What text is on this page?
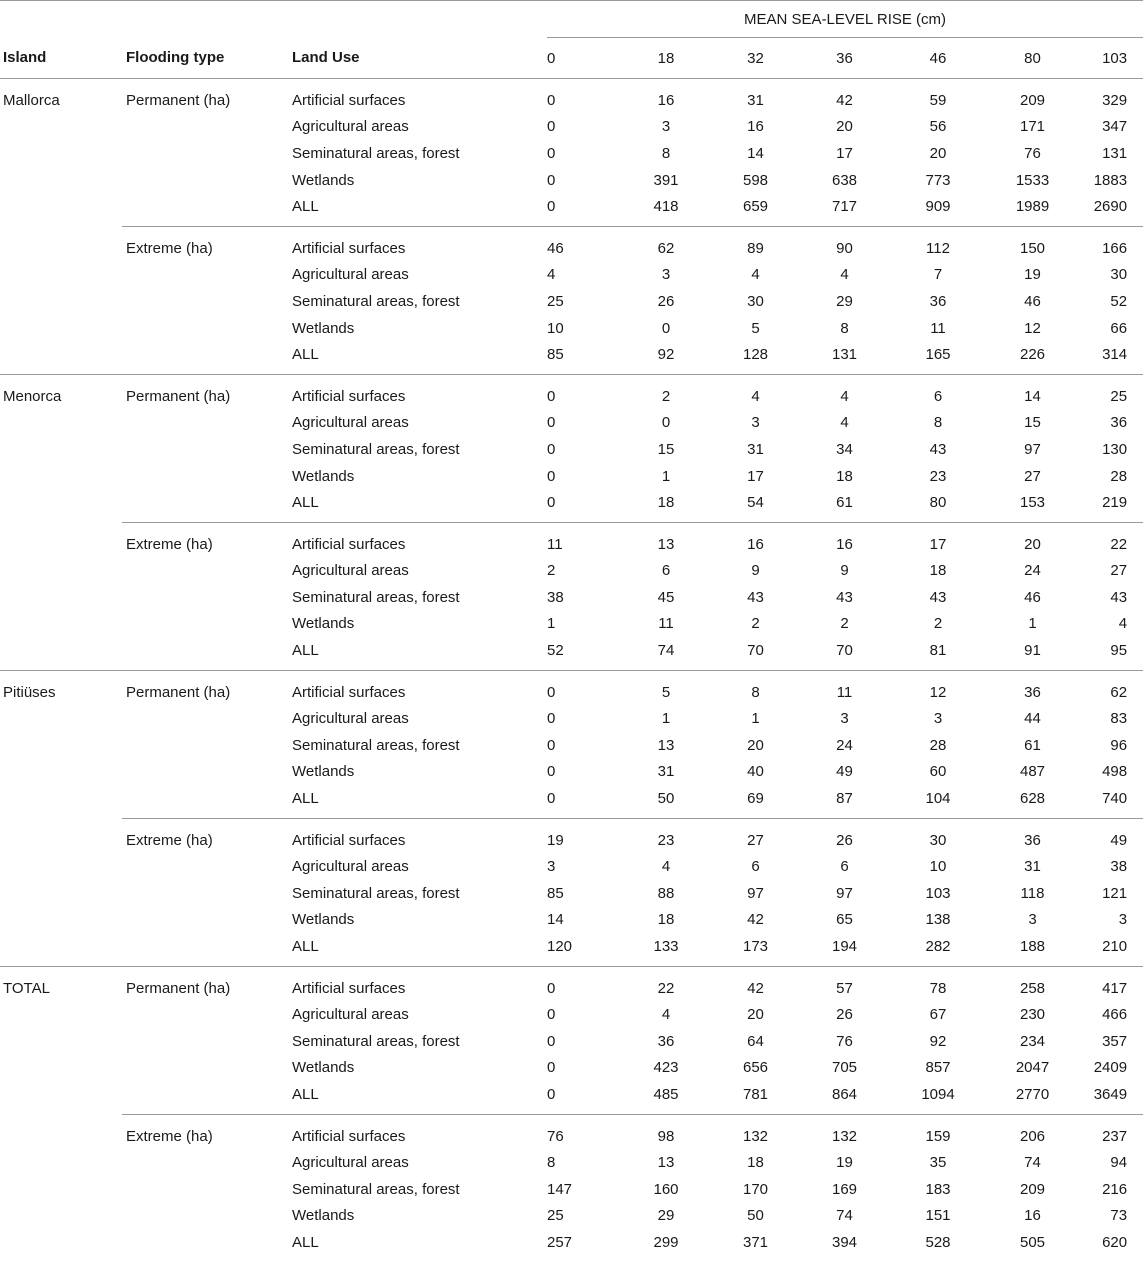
				MEAN SEA-LEVEL RISE (cm)						
Island	Flooding type	Land Use		0	18	32	36	46	80	103
Mallorca	Permanent (ha)	Artificial surfaces		0	16	31	42	59	209	329
		Agricultural areas		0	3	16	20	56	171	347
		Seminatural areas, forest		0	8	14	17	20	76	131
		Wetlands		0	391	598	638	773	1533	1883
		ALL		0	418	659	717	909	1989	2690
	Extreme (ha)	Artificial surfaces		46	62	89	90	112	150	166
		Agricultural areas		4	3	4	4	7	19	30
		Seminatural areas, forest		25	26	30	29	36	46	52
		Wetlands		10	0	5	8	11	12	66
		ALL		85	92	128	131	165	226	314
Menorca	Permanent (ha)	Artificial surfaces		0	2	4	4	6	14	25
		Agricultural areas		0	0	3	4	8	15	36
		Seminatural areas, forest		0	15	31	34	43	97	130
		Wetlands		0	1	17	18	23	27	28
		ALL		0	18	54	61	80	153	219
	Extreme (ha)	Artificial surfaces		11	13	16	16	17	20	22
		Agricultural areas		2	6	9	9	18	24	27
		Seminatural areas, forest		38	45	43	43	43	46	43
		Wetlands		1	11	2	2	2	1	4
		ALL		52	74	70	70	81	91	95
Pitiüses	Permanent (ha)	Artificial surfaces		0	5	8	11	12	36	62
		Agricultural areas		0	1	1	3	3	44	83
		Seminatural areas, forest		0	13	20	24	28	61	96
		Wetlands		0	31	40	49	60	487	498
		ALL		0	50	69	87	104	628	740
	Extreme (ha)	Artificial surfaces		19	23	27	26	30	36	49
		Agricultural areas		3	4	6	6	10	31	38
		Seminatural areas, forest		85	88	97	97	103	118	121
		Wetlands		14	18	42	65	138	3	3
		ALL		120	133	173	194	282	188	210
TOTAL	Permanent (ha)	Artificial surfaces		0	22	42	57	78	258	417
		Agricultural areas		0	4	20	26	67	230	466
		Seminatural areas, forest		0	36	64	76	92	234	357
		Wetlands		0	423	656	705	857	2047	2409
		ALL		0	485	781	864	1094	2770	3649
	Extreme (ha)	Artificial surfaces		76	98	132	132	159	206	237
		Agricultural areas		8	13	18	19	35	74	94
		Seminatural areas, forest		147	160	170	169	183	209	216
		Wetlands		25	29	50	74	151	16	73
		ALL		257	299	371	394	528	505	620
